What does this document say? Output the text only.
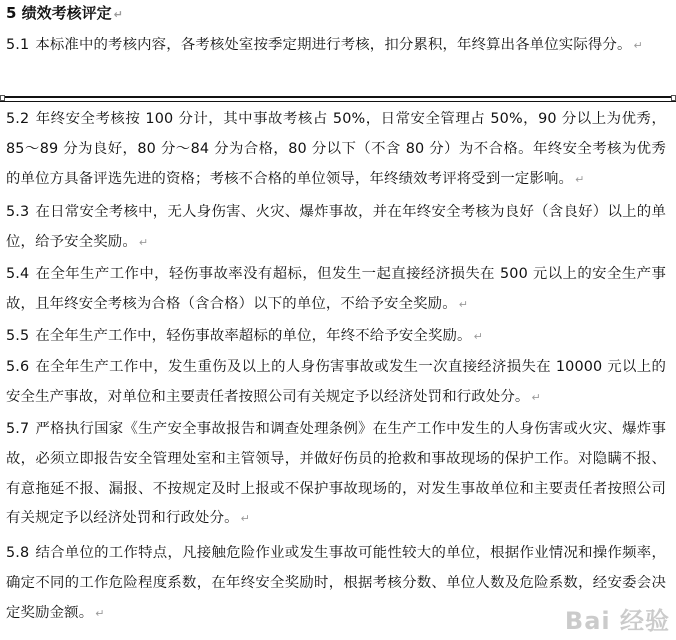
5 绩效考核评定 ↵
5.1 本标准中的考核内容，各考核处室按季定期进行考核，扣分累积，年终算出各单位实际得分。 ↵
5.2 年终安全考核按 100 分计，其中事故考核占 50%，日常安全管理占 50%，90 分以上为优秀，85～89 分为良好，80 分～84 分为合格，80 分以下（不含 80 分）为不合格。年终安全考核为优秀的单位方具备评选先进的资格；考核不合格的单位领导，年终绩效考评将受到一定影响。 ↵
5.3 在日常安全考核中，无人身伤害、火灾、爆炸事故，并在年终安全考核为良好（含良好）以上的单位，给予安全奖励。 ↵
5.4 在全年生产工作中，轻伤事故率没有超标，但发生一起直接经济损失在 500 元以上的安全生产事故，且年终安全考核为合格（含合格）以下的单位，不给予安全奖励。 ↵
5.5 在全年生产工作中，轻伤事故率超标的单位，年终不给予安全奖励。 ↵
5.6 在全年生产工作中，发生重伤及以上的人身伤害事故或发生一次直接经济损失在 10000 元以上的安全生产事故，对单位和主要责任者按照公司有关规定予以经济处罚和行政处分。 ↵
5.7 严格执行国家《生产安全事故报告和调查处理条例》在生产工作中发生的人身伤害或火灾、爆炸事故，必须立即报告安全管理处室和主管领导，并做好伤员的抢救和事故现场的保护工作。对隐瞒不报、有意拖延不报、漏报、不按规定及时上报或不保护事故现场的，对发生事故单位和主要责任者按照公司有关规定予以经济处罚和行政处分。 ↵
5.8 结合单位的工作特点，凡接触危险作业或发生事故可能性较大的单位，根据作业情况和操作频率，确定不同的工作危险程度系数，在年终安全奖励时，根据考核分数、单位人数及危险系数，经安委会决定奖励金额。 ↵	Bai 经验
